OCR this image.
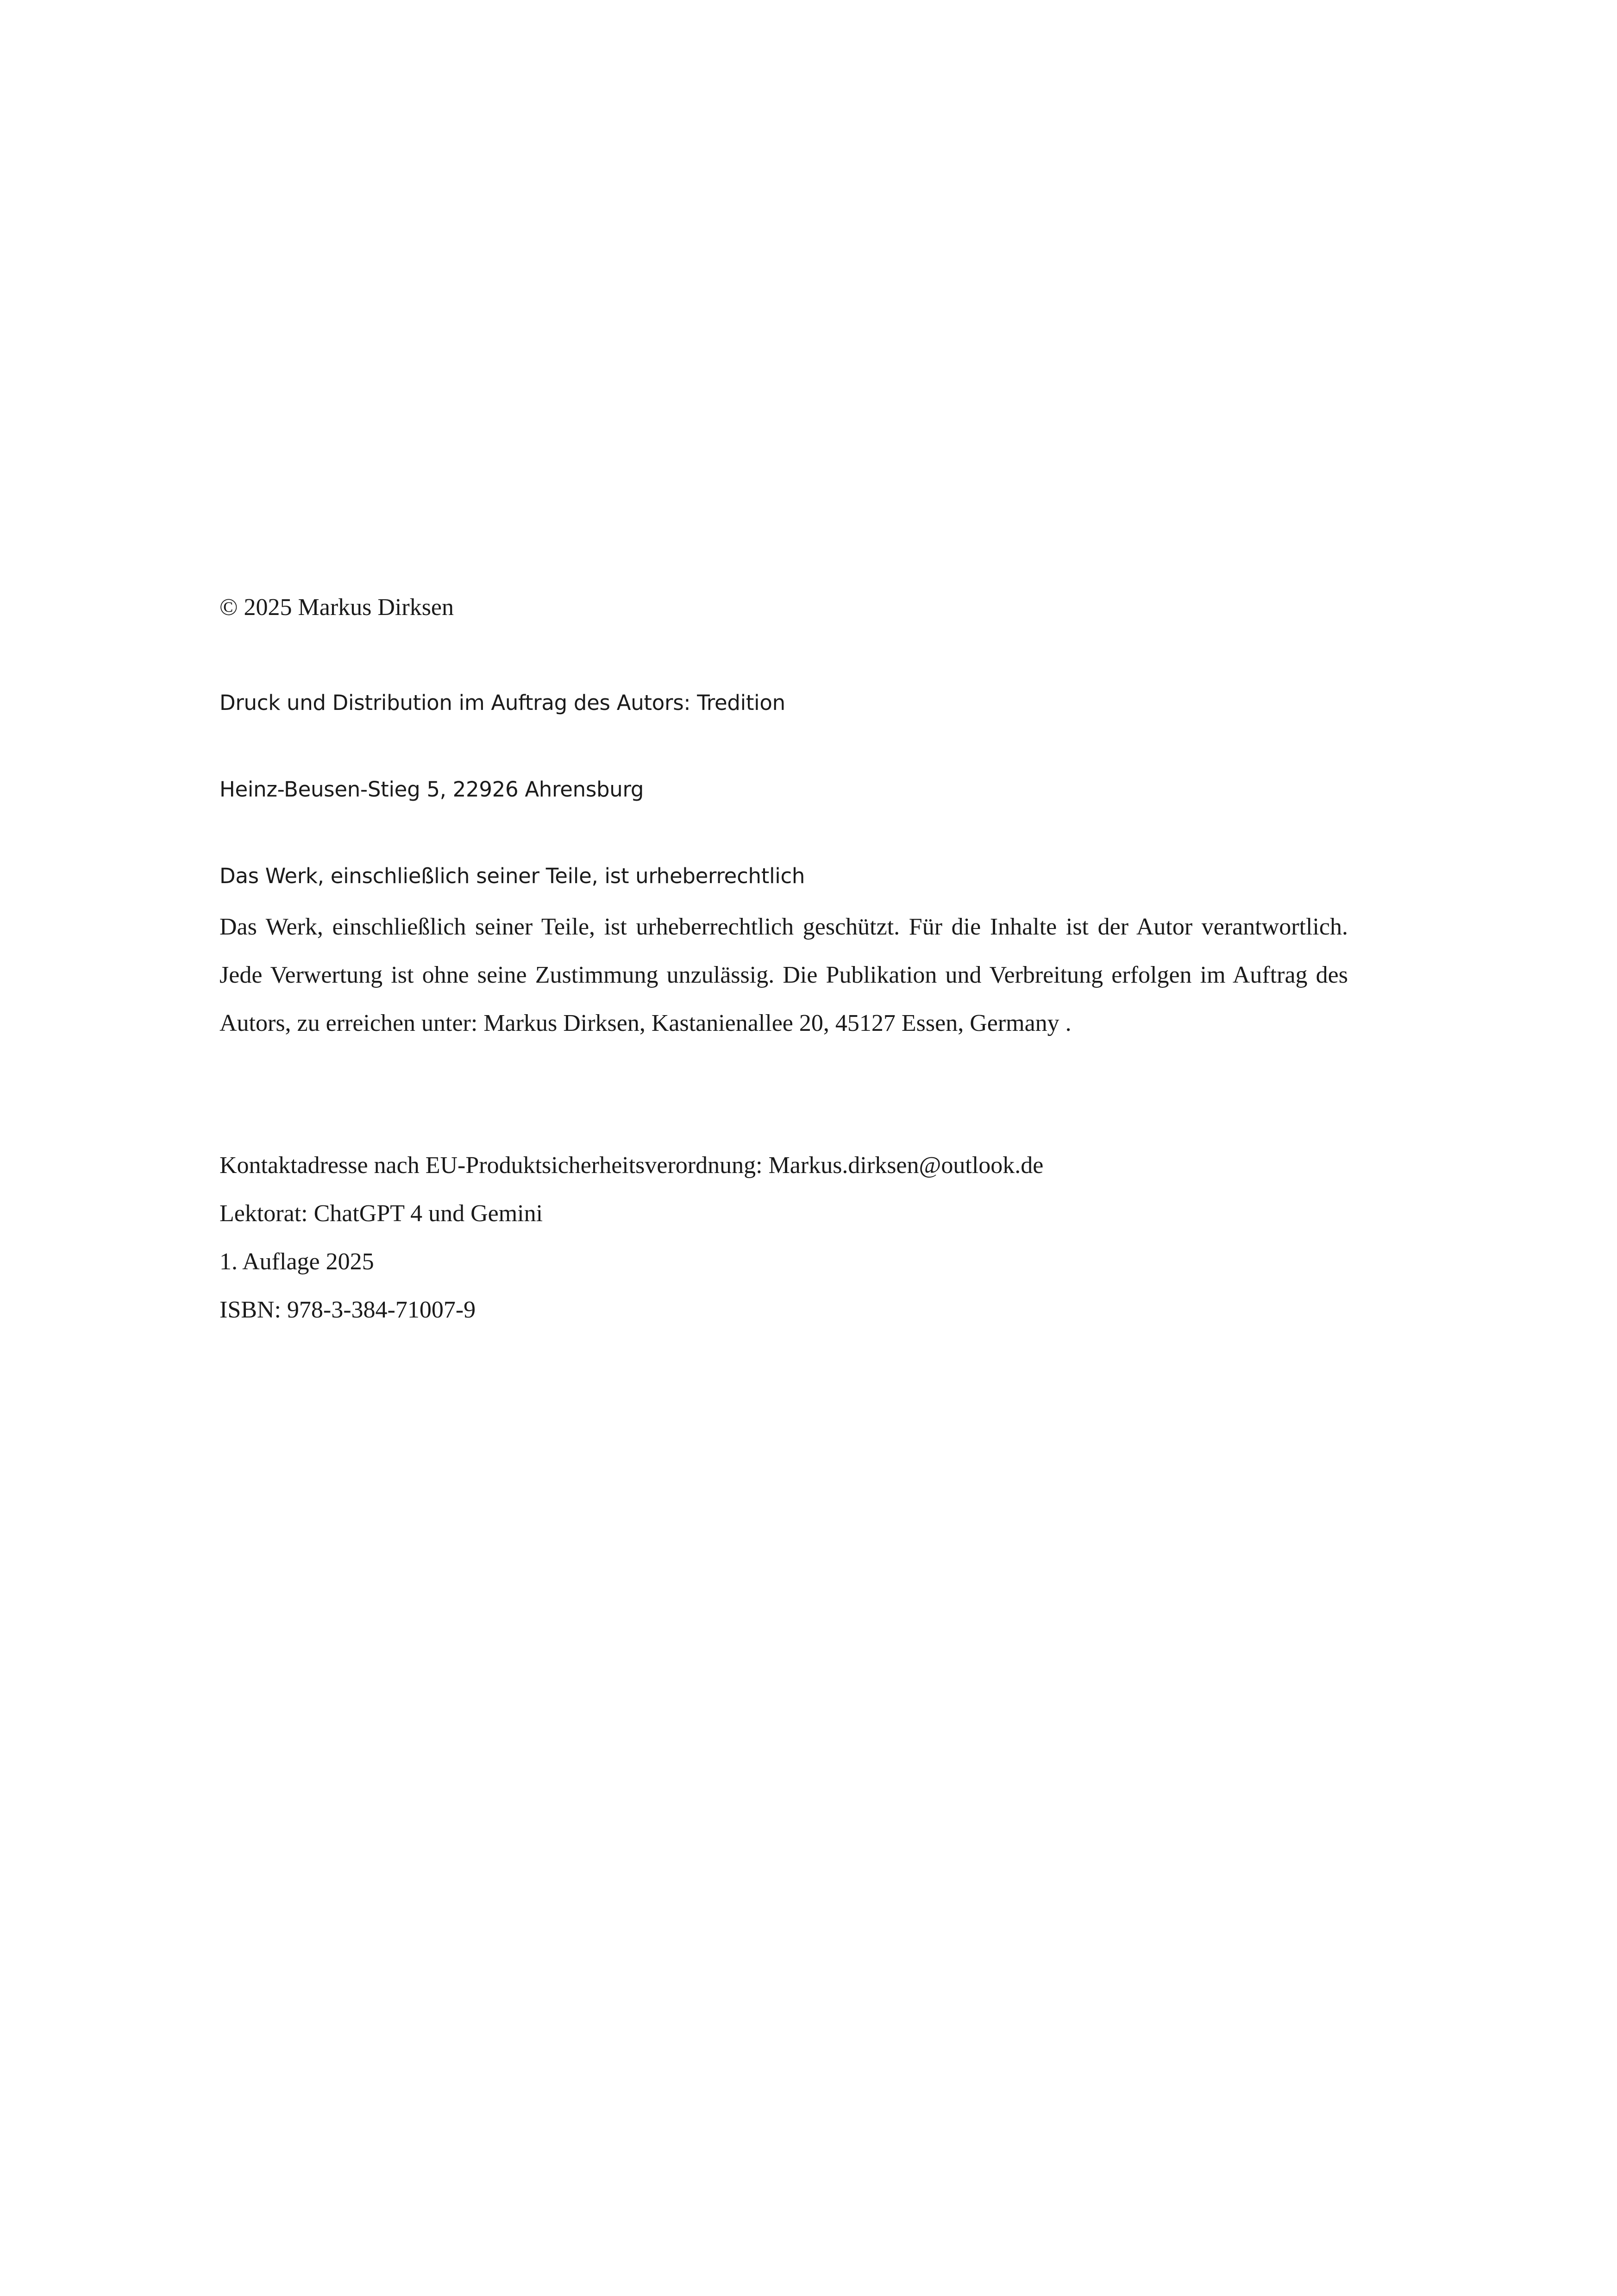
© 2025 Markus Dirksen
Druck und Distribution im Auftrag des Autors: Tredition
Heinz-Beusen-Stieg 5, 22926 Ahrensburg
Das Werk, einschließlich seiner Teile, ist urheberrechtlich
Das Werk, einschließlich seiner Teile, ist urheberrechtlich geschützt. Für die Inhalte ist der Autor verantwortlich. Jede Verwertung ist ohne seine Zustimmung unzulässig. Die Publikation und Verbreitung erfolgen im Auftrag des Autors, zu erreichen unter: Markus Dirksen, Kastanienallee 20, 45127 Essen, Germany .
Kontaktadresse nach EU-Produktsicherheitsverordnung: Markus.dirksen@outlook.de
Lektorat: ChatGPT 4 und Gemini
1. Auflage 2025
ISBN: 978-3-384-71007-9
